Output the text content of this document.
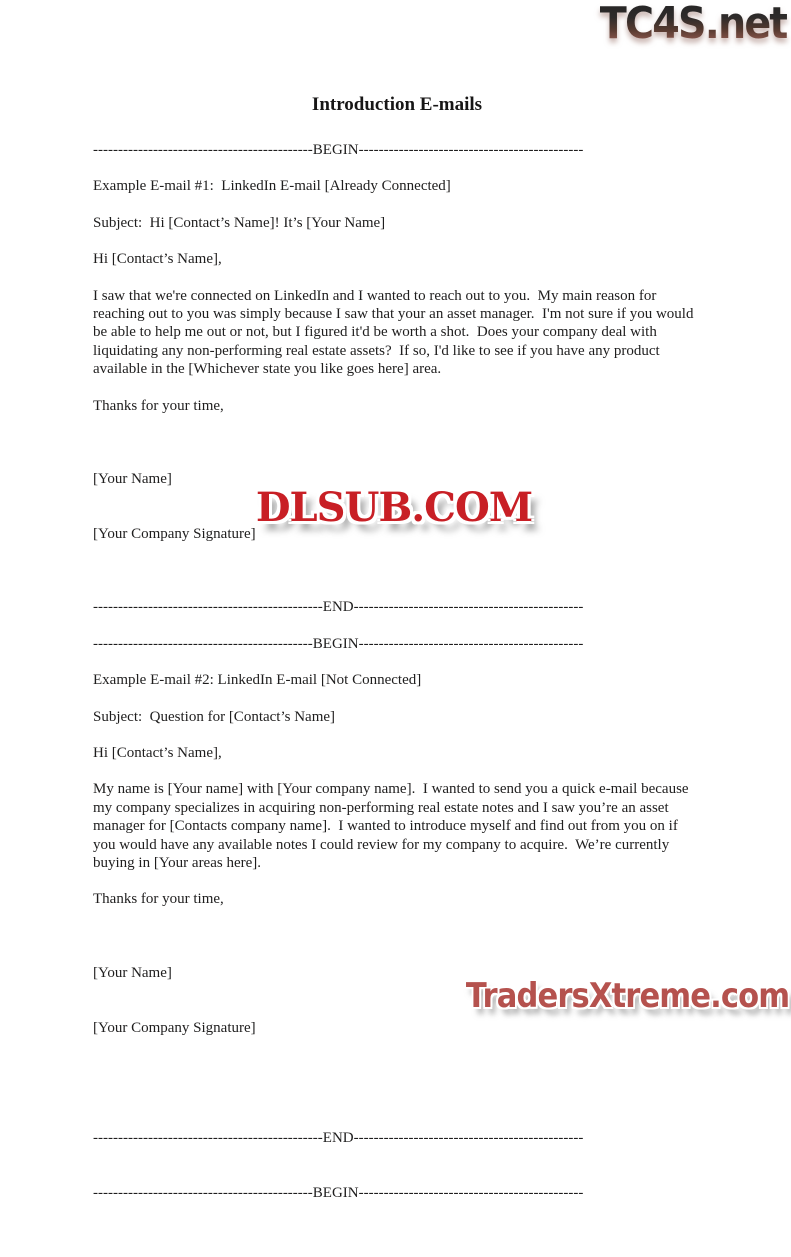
TC4S.net
Introduction E-mails

--------------------------------------------BEGIN---------------------------------------------

Example E-mail #1:  LinkedIn E-mail [Already Connected]

Subject:  Hi [Contact’s Name]! It’s [Your Name]

Hi [Contact’s Name],

I saw that we're connected on LinkedIn and I wanted to reach out to you.  My main reason for reaching out to you was simply because I saw that your an asset manager.  I'm not sure if you would be able to help me out or not, but I figured it'd be worth a shot.  Does your company deal with liquidating any non-performing real estate assets?  If so, I'd like to see if you have any product available in the [Whichever state you like goes here] area.

Thanks for your time,

[Your Name]

[Your Company Signature]

----------------------------------------------END----------------------------------------------

--------------------------------------------BEGIN---------------------------------------------

Example E-mail #2: LinkedIn E-mail [Not Connected]

Subject:  Question for [Contact’s Name]

Hi [Contact’s Name],

My name is [Your name] with [Your company name].  I wanted to send you a quick e-mail because my company specializes in acquiring non-performing real estate notes and I saw you’re an asset manager for [Contacts company name].  I wanted to introduce myself and find out from you on if you would have any available notes I could review for my company to acquire.  We’re currently buying in [Your areas here].

Thanks for your time,

[Your Name]

[Your Company Signature]

----------------------------------------------END----------------------------------------------

--------------------------------------------BEGIN---------------------------------------------

DLSUB.COM
TradersXtreme.com
